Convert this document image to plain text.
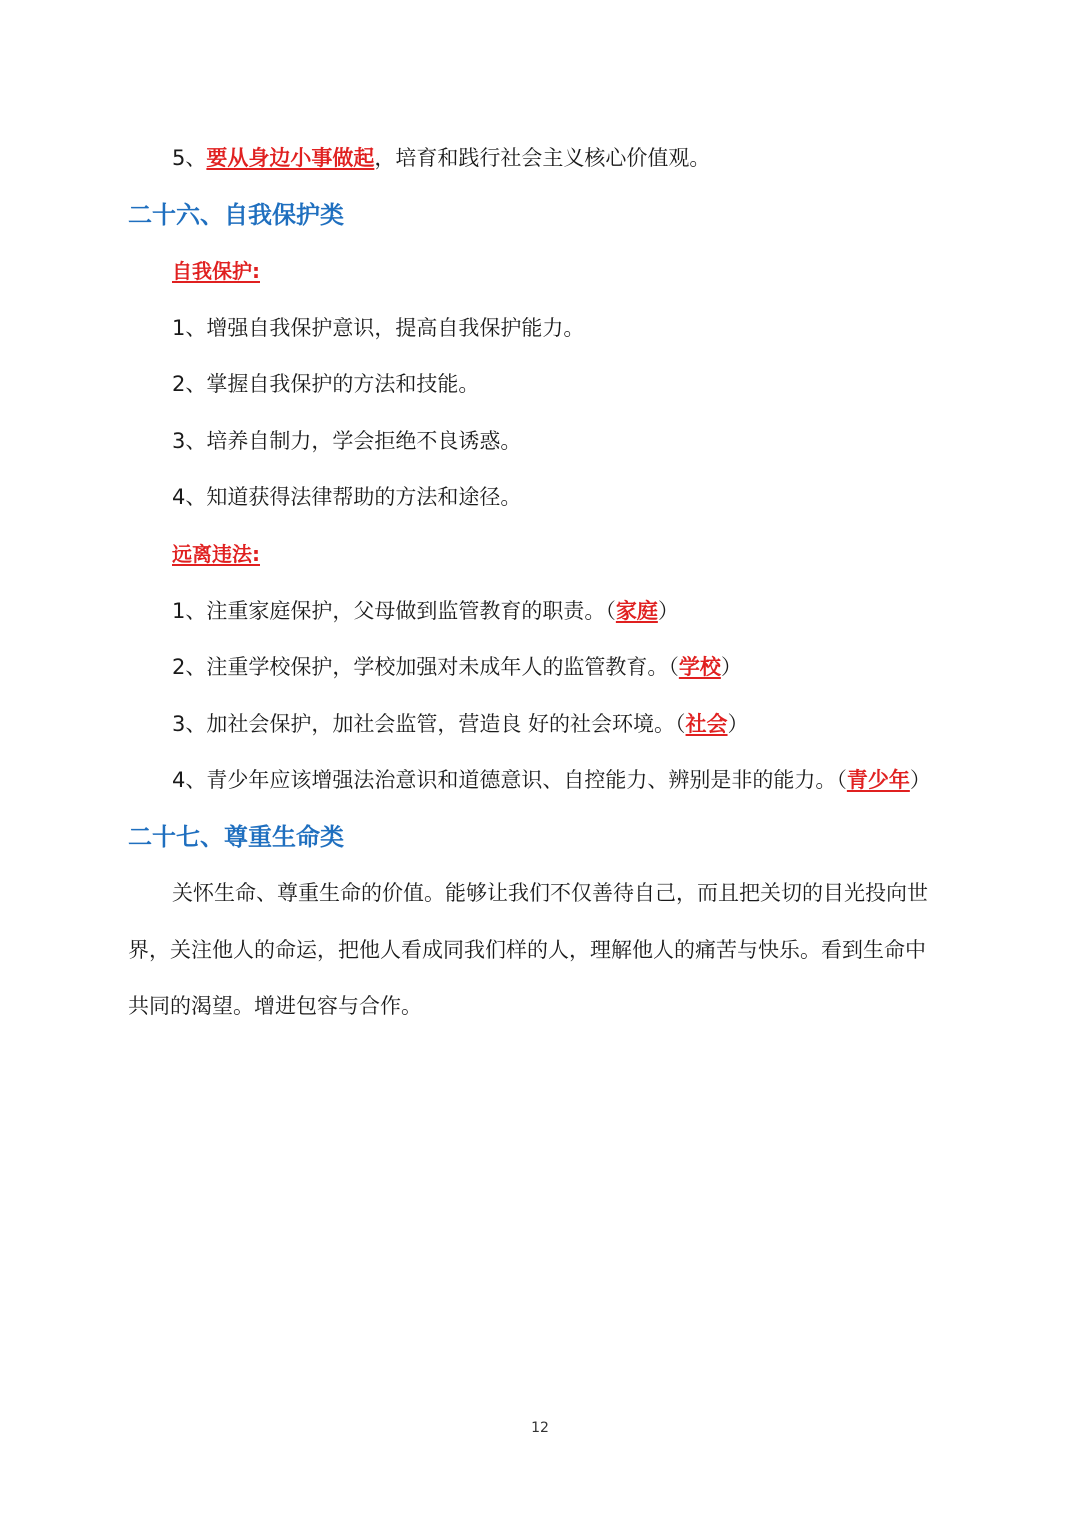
5、要从身边小事做起，培育和践行社会主义核心价值观。
二十六、自我保护类
自我保护:
1、增强自我保护意识，提高自我保护能力。
2、掌握自我保护的方法和技能。
3、培养自制力，学会拒绝不良诱惑。
4、知道获得法律帮助的方法和途径。
远离违法:
1、注重家庭保护，父母做到监管教育的职责。（家庭）
2、注重学校保护，学校加强对未成年人的监管教育。（学校）
3、加社会保护，加社会监管，营造良 好的社会环境。（社会）
4、青少年应该增强法治意识和道德意识、自控能力、辨别是非的能力。（青少年）
二十七、尊重生命类
关怀生命、尊重生命的价值。能够让我们不仅善待自己，而且把关切的目光投向世
界，关注他人的命运，把他人看成同我们样的人，理解他人的痛苦与快乐。看到生命中
共同的渴望。增进包容与合作。
12
